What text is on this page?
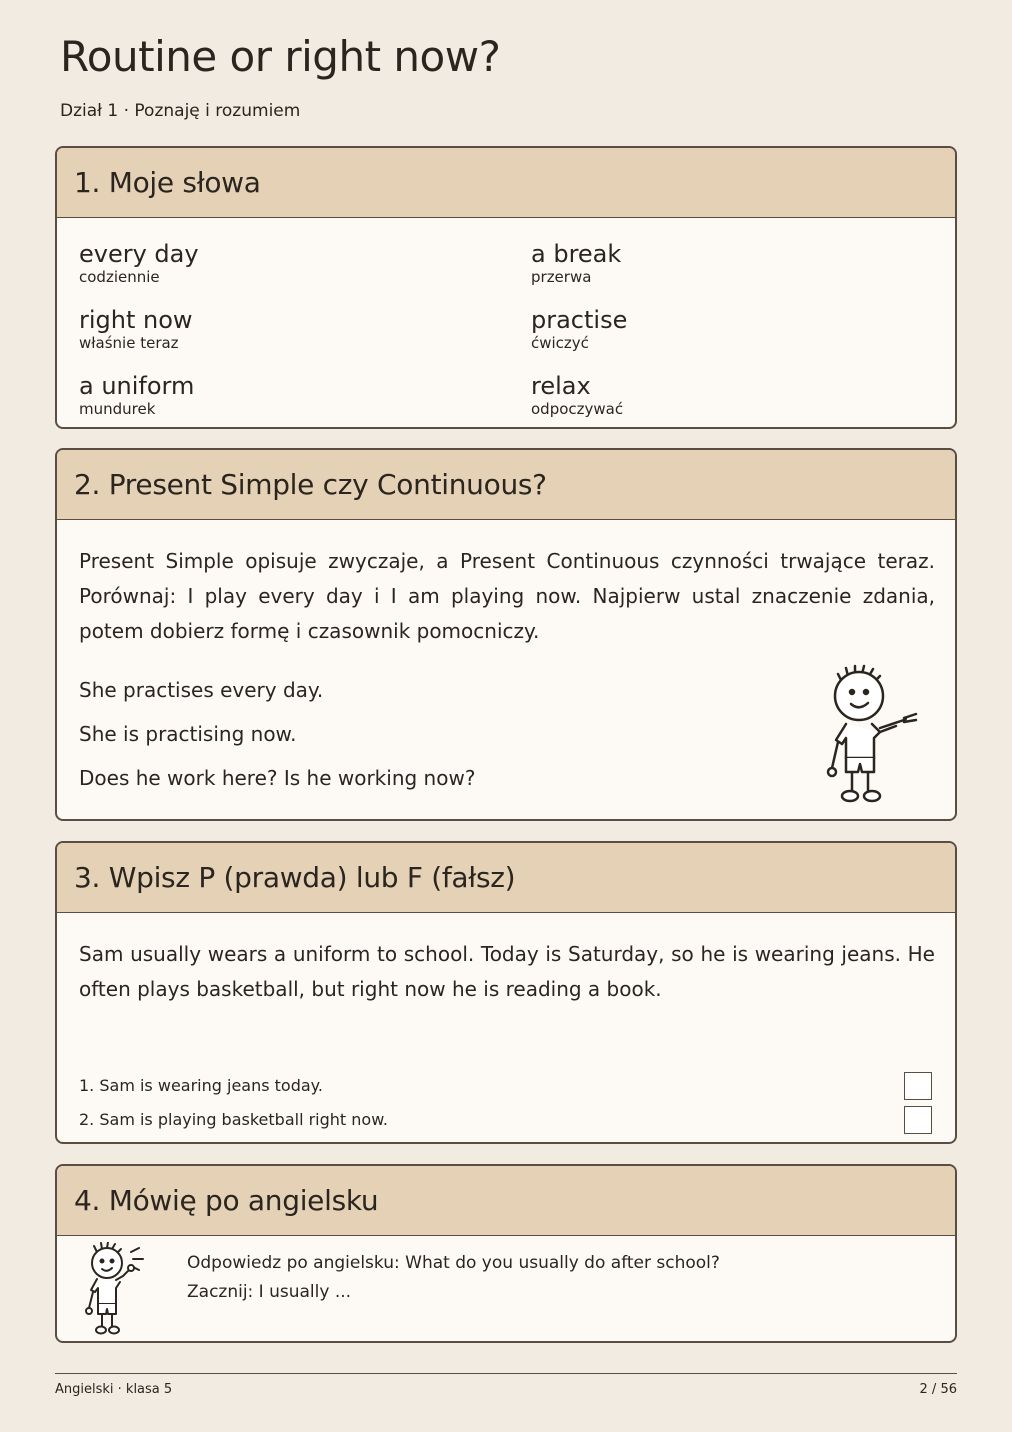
Routine or right now?

Dział 1 · Poznaję i rozumiem

1. Moje słowa
every day
codziennie
a break
przerwa
right now
właśnie teraz
practise
ćwiczyć
a uniform
mundurek
relax
odpoczywać
2. Present Simple czy Continuous?

Present Simple opisuje zwyczaje, a Present Continuous czynności trwające teraz. Porównaj: I play every day i I am playing now. Najpierw ustal znaczenie zdania, potem dobierz formę i czasownik pomocniczy.

She practises every day.

She is practising now.

Does he work here? Is he working now?

3. Wpisz P (prawda) lub F (fałsz)

Sam usually wears a uniform to school. Today is Saturday, so he is wearing jeans. He often plays basketball, but right now he is reading a book.

1. Sam is wearing jeans today.

2. Sam is playing basketball right now.

4. Mówię po angielsku

Odpowiedz po angielsku: What do you usually do after school?

Zacznij: I usually ...

Angielski · klasa 5	2 / 56
